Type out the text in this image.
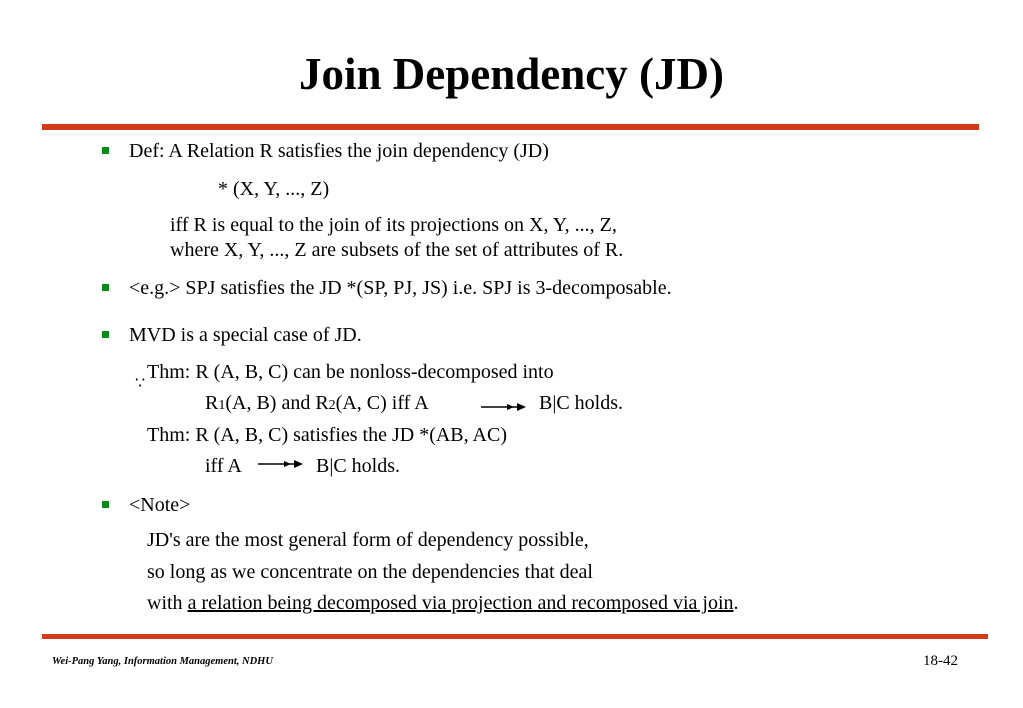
Join Dependency (JD)
Def: A Relation R satisfies the join dependency (JD)
* (X, Y, ..., Z)
iff R is equal to the join of its projections on X, Y, ..., Z,
where X, Y, ..., Z are subsets of the set of attributes of R.
<e.g.> SPJ satisfies the JD *(SP, PJ, JS) i.e. SPJ is 3-decomposable.
MVD is a special case of JD.
Thm: R (A, B, C) can be nonloss-decomposed into
∵
R1(A, B) and R2(A, C) iff A	B|C holds.
Thm: R (A, B, C) satisfies the JD *(AB, AC)
iff A	B|C holds.
<Note>
JD's are the most general form of dependency possible,
so long as we concentrate on the dependencies that deal
with a relation being decomposed via projection and recomposed via join.
Wei-Pang Yang, Information Management, NDHU	18-42
